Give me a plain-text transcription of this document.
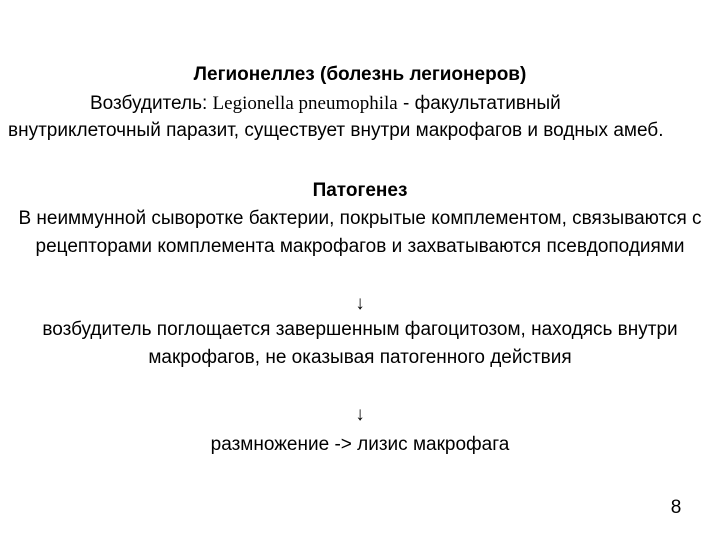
Легионеллез (болезнь легионеров)
Возбудитель: Legionella pneumophila - факультативный внутриклеточный паразит, существует внутри макрофагов и водных амеб.
Патогенез
В неиммунной сыворотке бактерии, покрытые комплементом, связываются с рецепторами комплемента макрофагов и захватываются псевдоподиями
↓
возбудитель поглощается завершенным фагоцитозом, находясь внутри макрофагов, не оказывая патогенного действия
↓
размножение -> лизис макрофага
8
